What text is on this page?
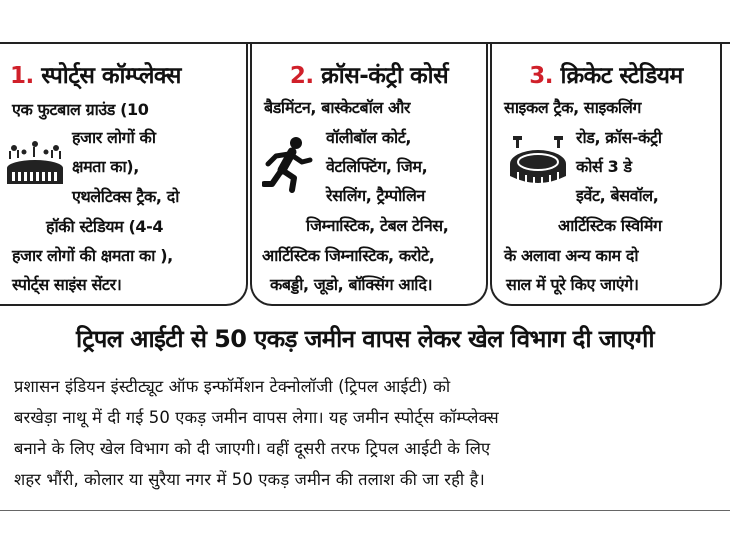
1. स्पोर्ट्स कॉम्प्लेक्स
एक फुटबाल ग्राउंड (10
हजार लोगों की
क्षमता का),
एथलेटिक्स ट्रैक, दो
हॉकी स्टेडियम (4-4
हजार लोगों की क्षमता का ),
स्पोर्ट्स साइंस सेंटर।
2. क्रॉस-कंट्री कोर्स
बैडमिंटन, बास्केटबॉल और
वॉलीबॉल कोर्ट,
वेटलिफ्टिंग, जिम,
रेसलिंग, ट्रैम्पोलिन
जिम्नास्टिक, टेबल टेनिस,
आर्टिस्टिक जिम्नास्टिक, करोटे,
कबड्डी, जूडो, बॉक्सिंग आदि।
3. क्रिकेट स्टेडियम
साइकल ट्रैक, साइकलिंग
रोड, क्रॉस-कंट्री
कोर्स 3 डे
इवेंट, बेसवॉल,
आर्टिस्टिक स्विमिंग
के अलावा अन्य काम दो
साल में पूरे किए जाएंगे।
ट्रिपल आईटी से 50 एकड़ जमीन वापस लेकर खेल विभाग दी जाएगी
प्रशासन इंडियन इंस्टीट्यूट ऑफ इन्फॉर्मेशन टेक्नोलॉजी (ट्रिपल आईटी) को
बरखेड़ा नाथू में दी गई 50 एकड़ जमीन वापस लेगा। यह जमीन स्पोर्ट्स कॉम्प्लेक्स
बनाने के लिए खेल विभाग को दी जाएगी। वहीं दूसरी तरफ ट्रिपल आईटी के लिए
शहर भौंरी, कोलार या सुरैया नगर में 50 एकड़ जमीन की तलाश की जा रही है।
